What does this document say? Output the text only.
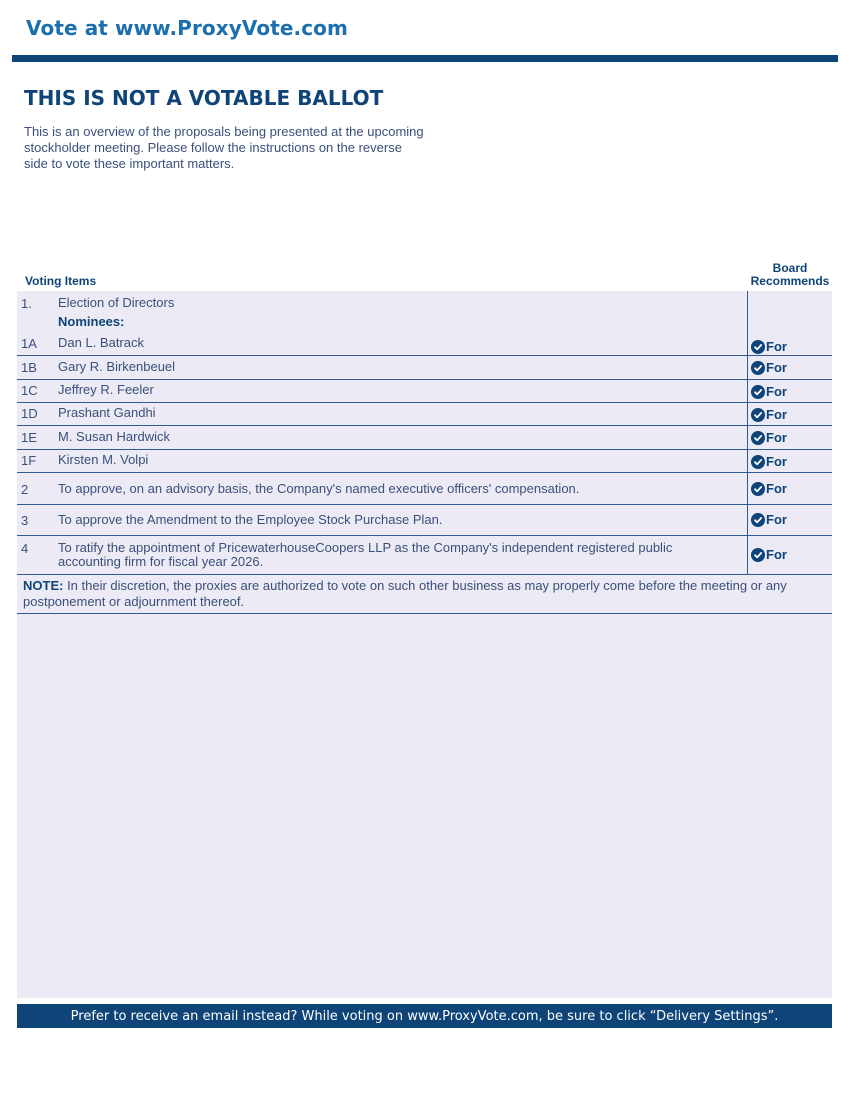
Vote at www.ProxyVote.com
THIS IS NOT A VOTABLE BALLOT
This is an overview of the proposals being presented at the upcoming stockholder meeting. Please follow the instructions on the reverse side to vote these important matters.
Voting Items
Board Recommends
1. Election of Directors
Nominees:
1A Dan L. Batrack	For
1B Gary R. Birkenbeuel	For
1C Jeffrey R. Feeler	For
1D Prashant Gandhi	For
1E M. Susan Hardwick	For
1F Kirsten M. Volpi	For
2 To approve, on an advisory basis, the Company's named executive officers' compensation.	For
3 To approve the Amendment to the Employee Stock Purchase Plan.	For
4 To ratify the appointment of PricewaterhouseCoopers LLP as the Company's independent registered public accounting firm for fiscal year 2026.	For
NOTE: In their discretion, the proxies are authorized to vote on such other business as may properly come before the meeting or any postponement or adjournment thereof.
Prefer to receive an email instead? While voting on www.ProxyVote.com, be sure to click “Delivery Settings”.
